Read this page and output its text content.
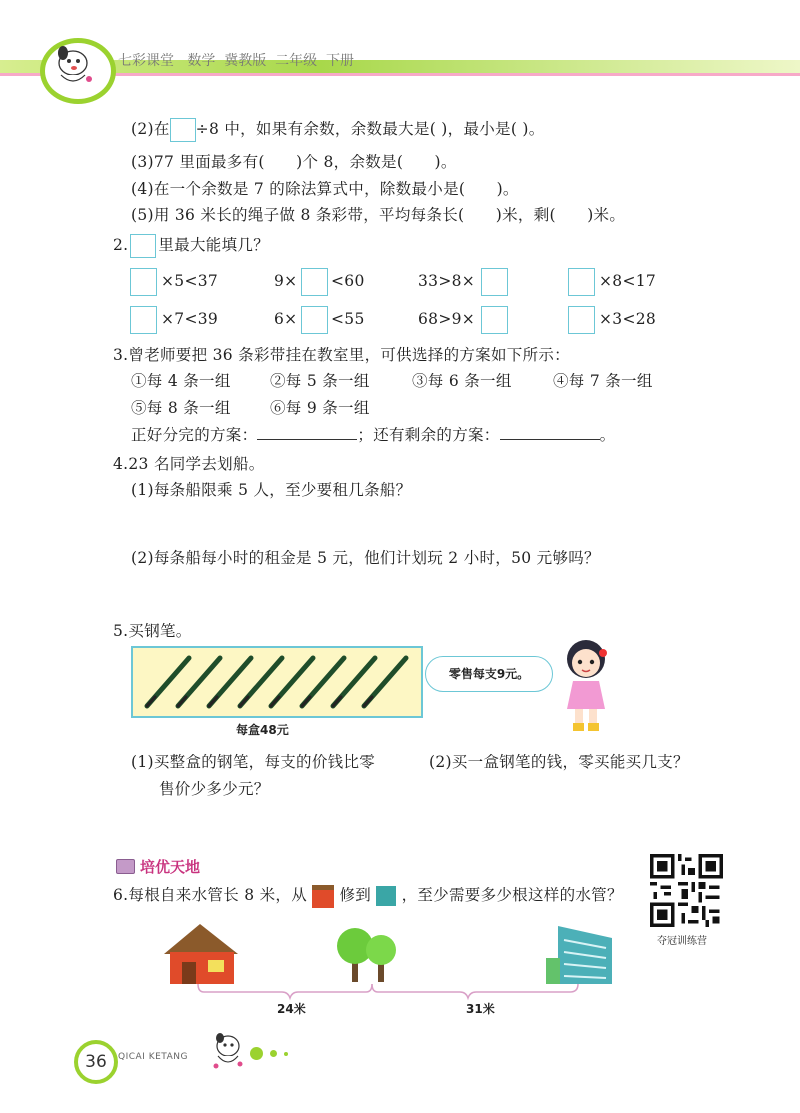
七彩课堂   数学  冀教版  二年级  下册
(2)在 ÷8 中，如果有余数，余数最大是( )，最小是( )。
(3)77 里面最多有(      )个 8，余数是(      )。
(4)在一个余数是 7 的除法算式中，除数最小是(      )。
(5)用 36 米长的绳子做 8 条彩带，平均每条长(      )米，剩(      )米。
2. 里最大能填几？
×5<37	9× <60	33>8×	×8<17
×7<39	6× <55	68>9×	×3<28
3.曾老师要把 36 条彩带挂在教室里，可供选择的方案如下所示：
①每 4 条一组	②每 5 条一组	③每 6 条一组	④每 7 条一组
⑤每 8 条一组	⑥每 9 条一组
正好分完的方案：	；还有剩余的方案：	。
4.23 名同学去划船。
(1)每条船限乘 5 人，至少要租几条船？
(2)每条船每小时的租金是 5 元，他们计划玩 2 小时，50 元够吗？
5.买钢笔。
每盒48元
零售每支9元。
(1)买整盒的钢笔，每支的价钱比零
售价少多少元？
(2)买一盒钢笔的钱，零买能买几支？
培优天地
6.每根自来水管长 8 米，从 修到 ，至少需要多少根这样的水管？
夺冠训练营
24米	31米
36	QICAI KETANG
